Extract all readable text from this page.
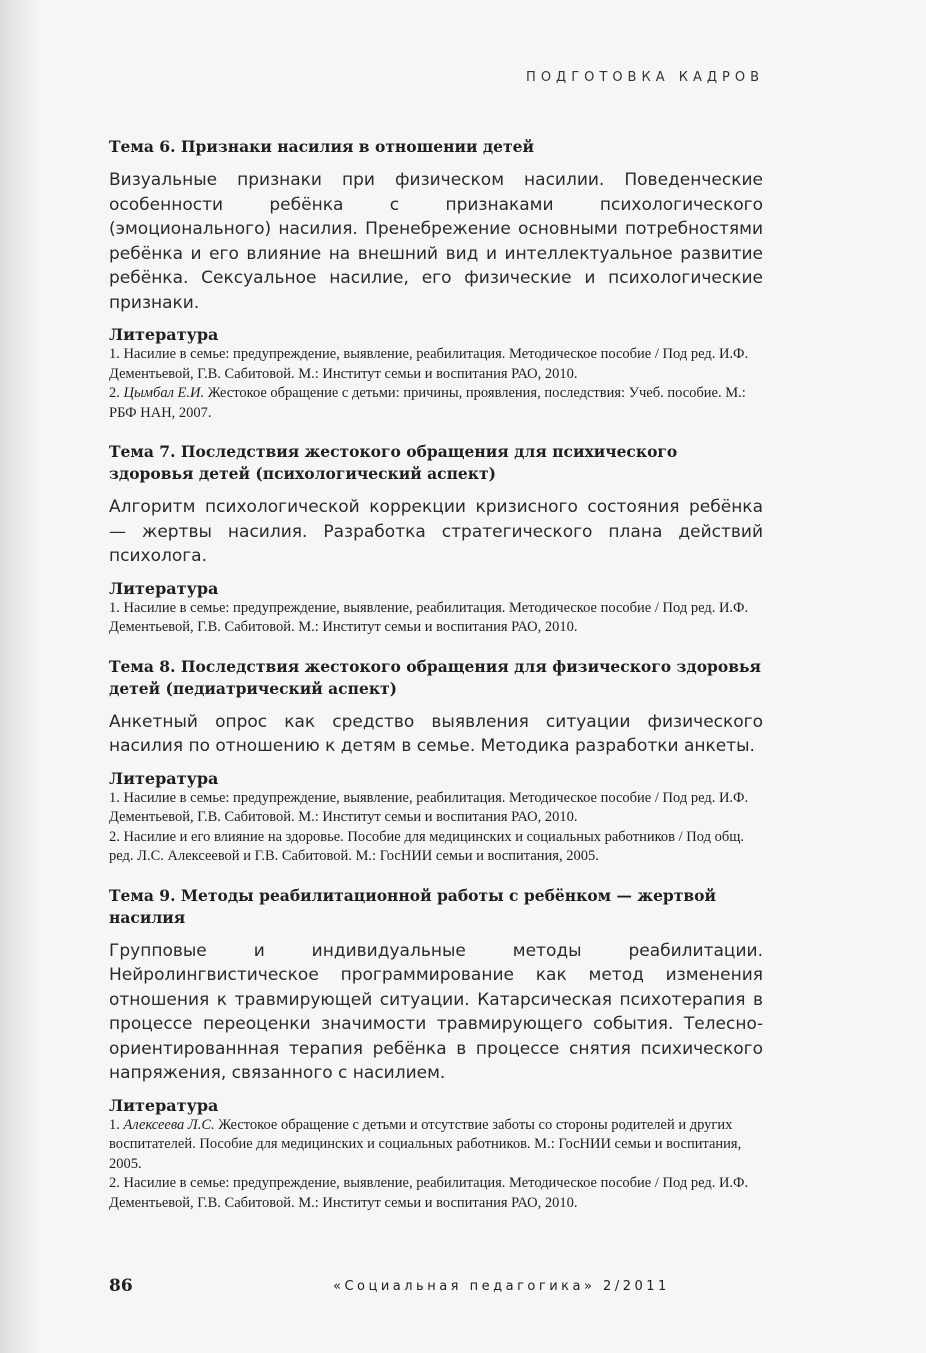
ПОДГОТОВКА КАДРОВ
Тема 6. Признаки насилия в отношении детей

Визуальные признаки при физическом насилии. Поведенческие особенности ребёнка с признаками психологического (эмоционального) насилия. Пренебрежение основными потребностями ребёнка и его влияние на внешний вид и интеллектуальное развитие ребёнка. Сексуальное насилие, его физические и психологические признаки.

Литература
1. Насилие в семье: предупреждение, выявление, реабилитация. Методическое пособие / Под ред. И.Ф. Дементьевой, Г.В. Сабитовой. М.: Институт семьи и воспитания РАО, 2010.
2. Цымбал Е.И. Жестокое обращение с детьми: причины, проявления, последствия: Учеб. пособие. М.: РБФ НАН, 2007.
Тема 7. Последствия жестокого обращения для психического здоровья детей (психологический аспект)

Алгоритм психологической коррекции кризисного состояния ребёнка — жертвы насилия. Разработка стратегического плана действий психолога.

Литература
1. Насилие в семье: предупреждение, выявление, реабилитация. Методическое пособие / Под ред. И.Ф. Дементьевой, Г.В. Сабитовой. М.: Институт семьи и воспитания РАО, 2010.
Тема 8. Последствия жестокого обращения для физического здоровья детей (педиатрический аспект)

Анкетный опрос как средство выявления ситуации физического насилия по отношению к детям в семье. Методика разработки анкеты.

Литература
1. Насилие в семье: предупреждение, выявление, реабилитация. Методическое пособие / Под ред. И.Ф. Дементьевой, Г.В. Сабитовой. М.: Институт семьи и воспитания РАО, 2010.
2. Насилие и его влияние на здоровье. Пособие для медицинских и социальных работников / Под общ. ред. Л.С. Алексеевой и Г.В. Сабитовой. М.: ГосНИИ семьи и воспитания, 2005.
Тема 9. Методы реабилитационной работы с ребёнком — жертвой насилия

Групповые и индивидуальные методы реабилитации. Нейролингвистическое программирование как метод изменения отношения к травмирующей ситуации. Катарсическая психотерапия в процессе переоценки значимости травмирующего события. Телесно-ориентированнная терапия ребёнка в процессе снятия психического напряжения, связанного с насилием.

Литература
1. Алексеева Л.С. Жестокое обращение с детьми и отсутствие заботы со стороны родителей и других воспитателей. Пособие для медицинских и социальных работников. М.: ГосНИИ семьи и воспитания, 2005.
2. Насилие в семье: предупреждение, выявление, реабилитация. Методическое пособие / Под ред. И.Ф. Дементьевой, Г.В. Сабитовой. М.: Институт семьи и воспитания РАО, 2010.
86	«Социальная педагогика» 2/2011
